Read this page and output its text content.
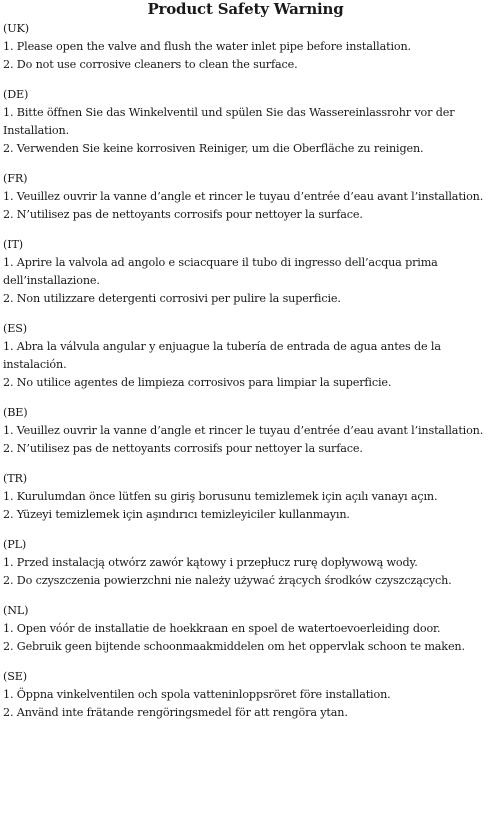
Product Safety Warning
(UK)
1. Please open the valve and flush the water inlet pipe before installation.
2. Do not use corrosive cleaners to clean the surface.
(DE)
1. Bitte öffnen Sie das Winkelventil und spülen Sie das Wassereinlassrohr vor der Installation.
2. Verwenden Sie keine korrosiven Reiniger, um die Oberfläche zu reinigen.
(FR)
1. Veuillez ouvrir la vanne d’angle et rincer le tuyau d’entrée d’eau avant l’installation.
2. N’utilisez pas de nettoyants corrosifs pour nettoyer la surface.
(IT)
1. Aprire la valvola ad angolo e sciacquare il tubo di ingresso dell’acqua prima dell’installazione.
2. Non utilizzare detergenti corrosivi per pulire la superficie.
(ES)
1. Abra la válvula angular y enjuague la tubería de entrada de agua antes de la instalación.
2. No utilice agentes de limpieza corrosivos para limpiar la superficie.
(BE)
1. Veuillez ouvrir la vanne d’angle et rincer le tuyau d’entrée d’eau avant l’installation.
2. N’utilisez pas de nettoyants corrosifs pour nettoyer la surface.
(TR)
1. Kurulumdan önce lütfen su giriş borusunu temizlemek için açılı vanayı açın.
2. Yüzeyi temizlemek için aşındırıcı temizleyiciler kullanmayın.
(PL)
1. Przed instalacją otwórz zawór kątowy i przepłucz rurę dopływową wody.
2. Do czyszczenia powierzchni nie należy używać żrących środków czyszczących.
(NL)
1. Open vóór de installatie de hoekkraan en spoel de watertoevoerleiding door.
2. Gebruik geen bijtende schoonmaakmiddelen om het oppervlak schoon te maken.
(SE)
1. Öppna vinkelventilen och spola vatteninloppsröret före installation.
2. Använd inte frätande rengöringsmedel för att rengöra ytan.
